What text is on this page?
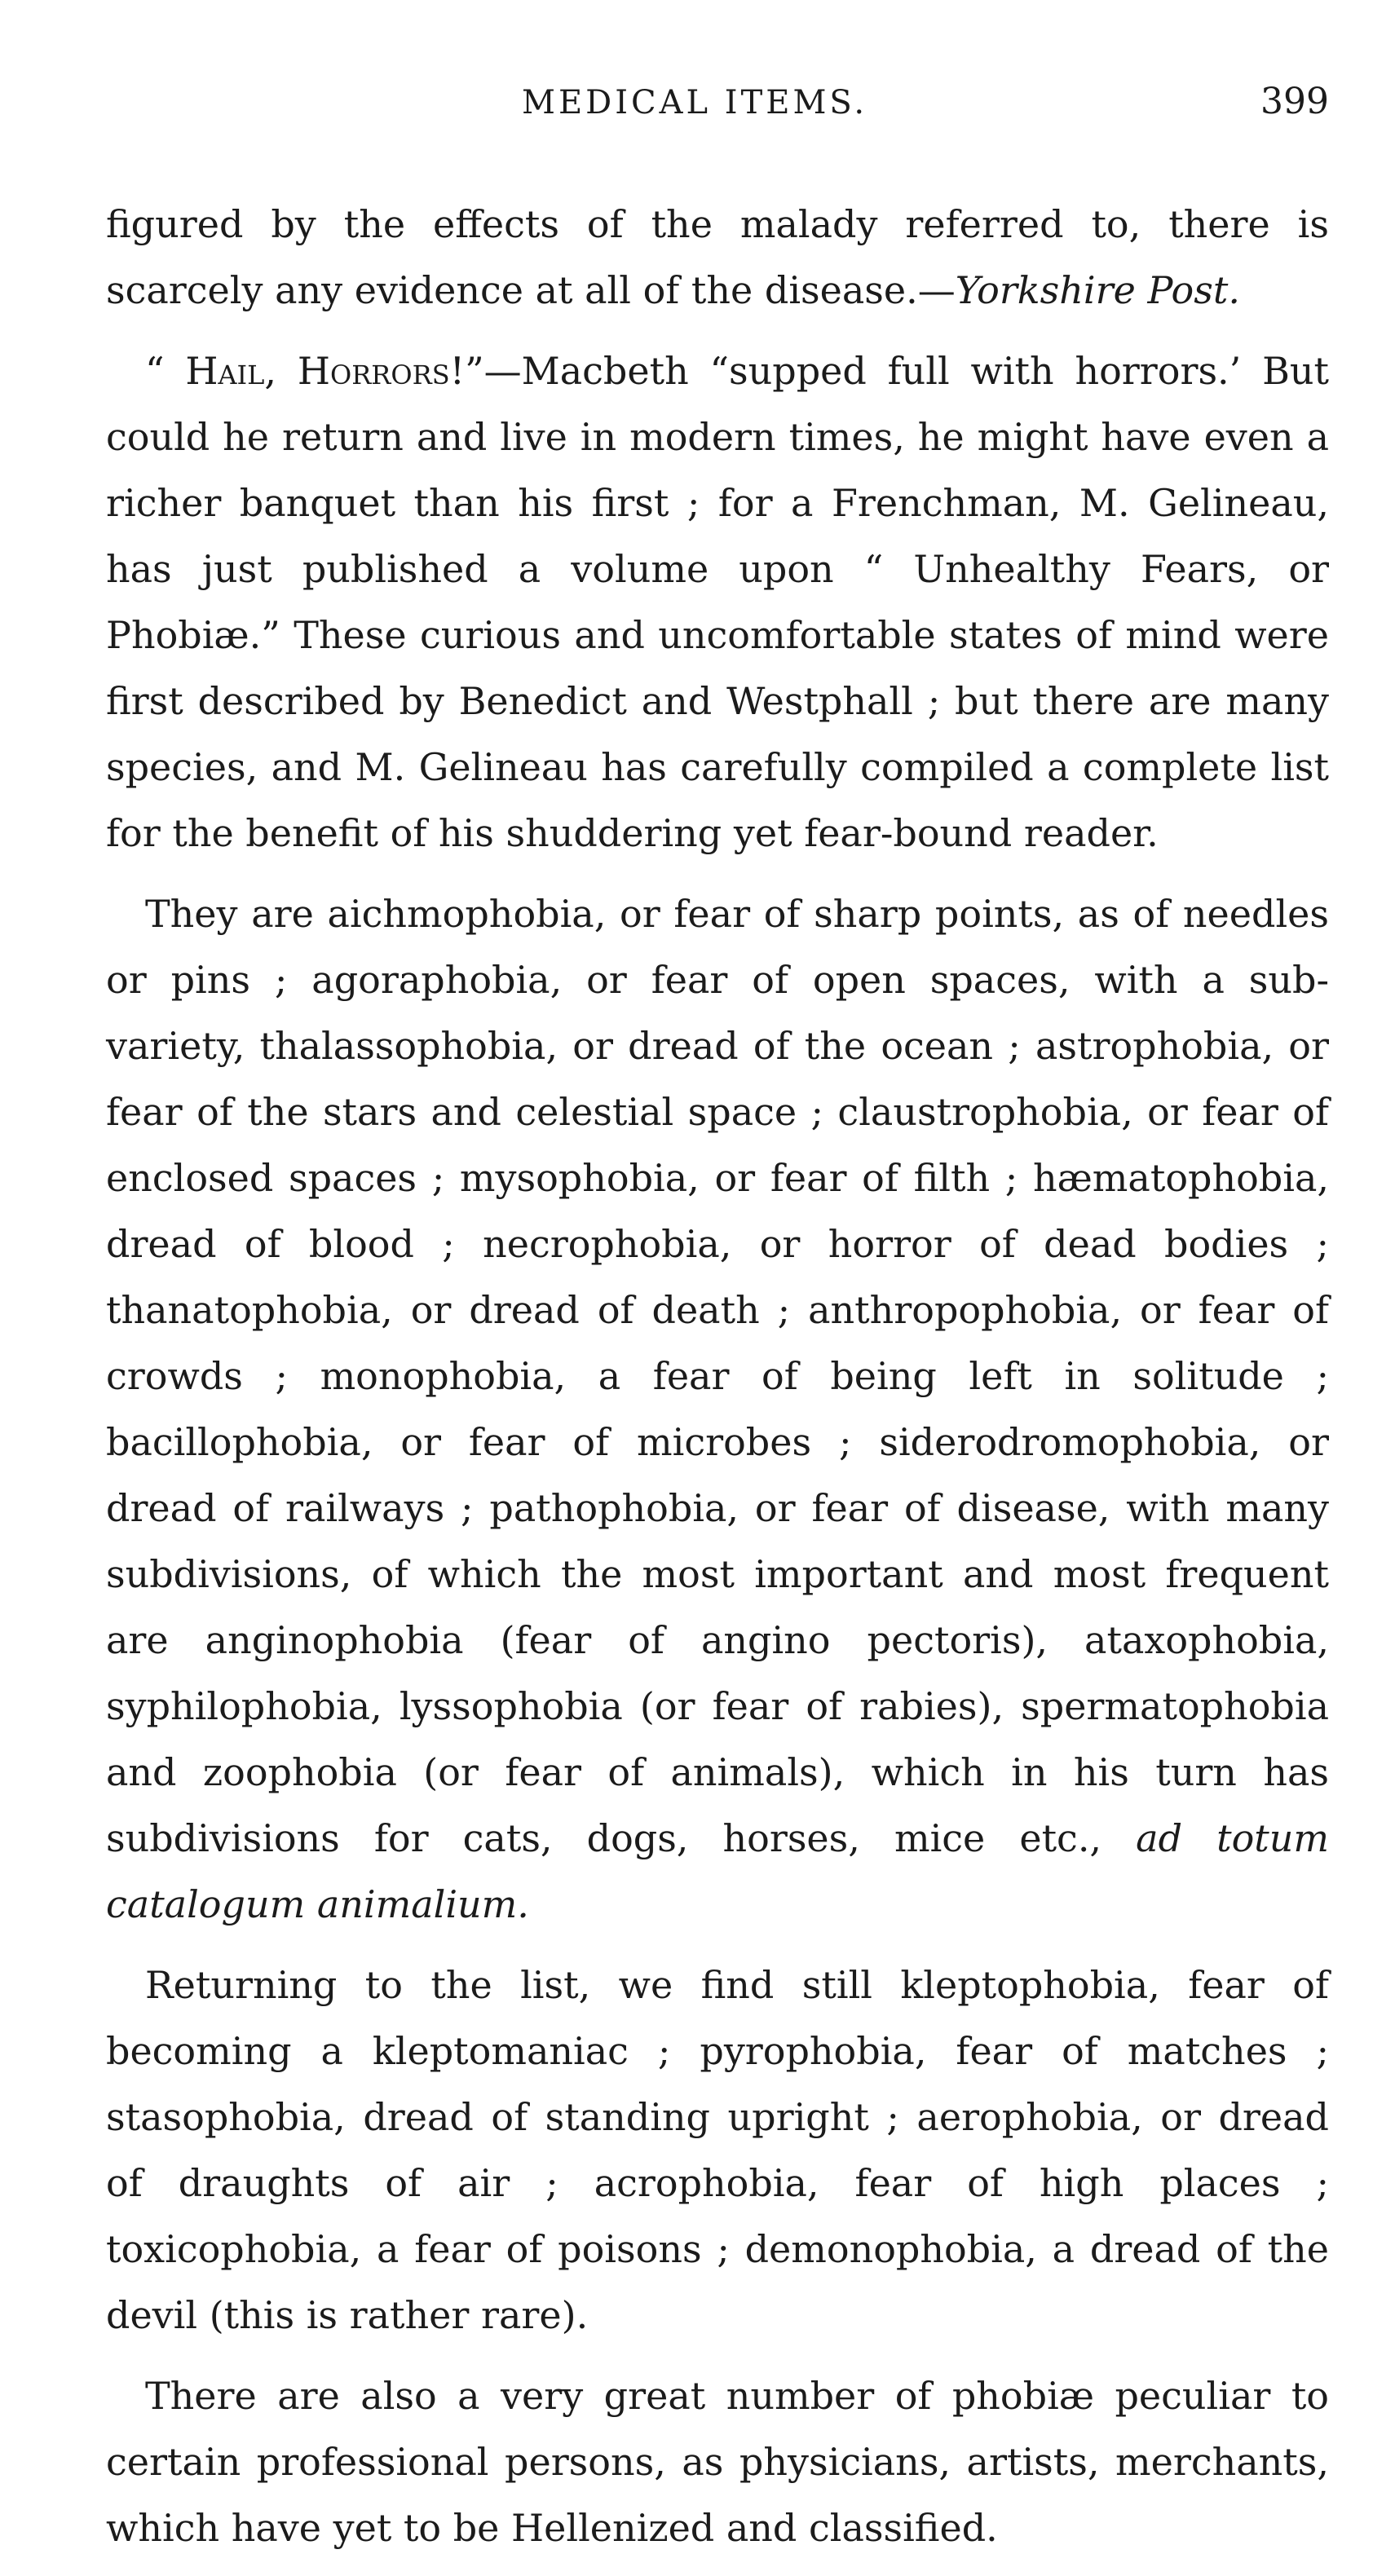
MEDICAL ITEMS.	399

figured by the effects of the malady referred to, there is scarcely any evidence at all of the disease.—Yorkshire Post.

“ Hail, Horrors!”—Macbeth “supped full with horrors.’ But could he return and live in modern times, he might have even a richer banquet than his first ; for a Frenchman, M. Gelineau, has just published a volume upon “ Unhealthy Fears, or Phobiæ.” These curious and uncomfortable states of mind were first described by Benedict and Westphall ; but there are many species, and M. Gelineau has carefully compiled a complete list for the benefit of his shuddering yet fear-bound reader.

They are aichmophobia, or fear of sharp points, as of needles or pins ; agoraphobia, or fear of open spaces, with a sub-variety, thalassophobia, or dread of the ocean ; astrophobia, or fear of the stars and celestial space ; claustrophobia, or fear of enclosed spaces ; mysophobia, or fear of filth ; hæmatophobia, dread of blood ; necrophobia, or horror of dead bodies ; thanatophobia, or dread of death ; anthropophobia, or fear of crowds ; monophobia, a fear of being left in solitude ; bacillophobia, or fear of microbes ; siderodromophobia, or dread of railways ; pathophobia, or fear of disease, with many subdivisions, of which the most important and most frequent are anginophobia (fear of angino pectoris), ataxophobia, syphilophobia, lyssophobia (or fear of rabies), spermatophobia and zoophobia (or fear of animals), which in his turn has subdivisions for cats, dogs, horses, mice etc., ad totum catalogum animalium.

Returning to the list, we find still kleptophobia, fear of becoming a kleptomaniac ; pyrophobia, fear of matches ; stasophobia, dread of standing upright ; aerophobia, or dread of draughts of air ; acrophobia, fear of high places ; toxicophobia, a fear of poisons ; demonophobia, a dread of the devil (this is rather rare).

There are also a very great number of phobiæ peculiar to certain professional persons, as physicians, artists, merchants, which have yet to be Hellenized and classified.
